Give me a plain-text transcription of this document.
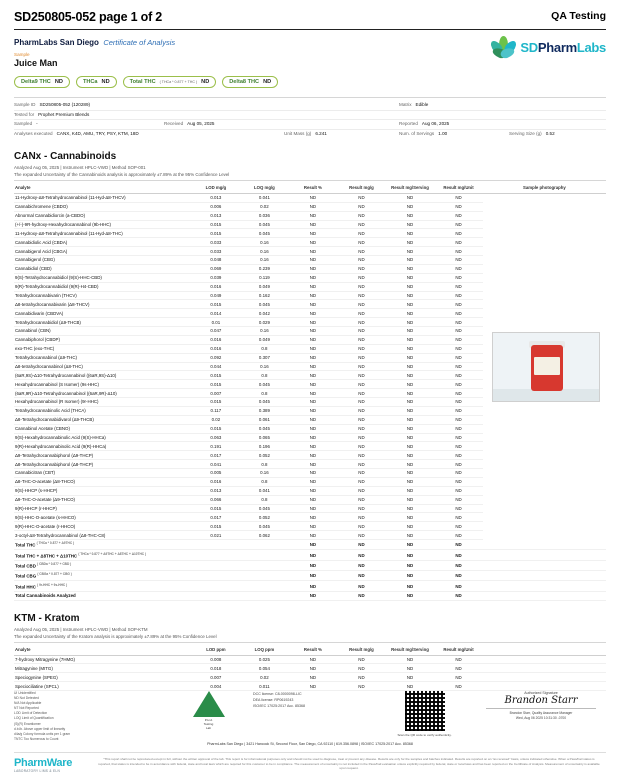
SD250805-052 page 1 of 2	QA Testing
PharmLabs San Diego Certificate of Analysis
Sample
Juice Man
SDPharmLabs
Delta9 THC ND	THCa ND	Total THC ( THCa * 0.877 + THC ) ND	Delta8 THC ND
Sample ID SD250805-052 (120289)	Matrix Edible
Tested for Prophet Premium Blends
Sampled -	Received Aug 05, 2025	Reported Aug 06, 2025
Analyses executed CANX, K4D, AMU, TRY, PSY, KTM, 18D	Unit Mass (g) 6.241	Num. of Servings 1.00	Serving Size (g) 0.52
CANx - Cannabinoids
Analyzed Aug 05, 2025 | Instrument HPLC-VWD | Method SOP-001
The expanded Uncertainty of the Cannabinoids analysis is approximately ±7.89% at the 95% Confidence Level
Analyte	LOD mg/g	LOQ mg/g	Result %	Result mg/g	Result mg/Serving	Result mg/Unit	Sample photography
11-Hydroxy-Δ8-Tetrahydrocannabinol (11-Hyd-Δ8-THCV)	0.013	0.041	ND	ND	ND	ND	

Cannabichromene (CBDO)	0.006	0.02	ND	ND	ND	ND	
Abnormal Cannabidiorcin (a-CBDO)	0.013	0.036	ND	ND	ND	ND	
(+/-)-9R-hydroxy-Hexahydrocannabinol (9b-HHC)	0.015	0.045	ND	ND	ND	ND	
11-Hydroxy-Δ8-Tetrahydrocannabinol (11-Hyd-Δ8-THC)	0.015	0.045	ND	ND	ND	ND	
Cannabidiolic Acid (CBDA)	0.033	0.16	ND	ND	ND	ND	
Cannabigerol Acid (CBGA)	0.033	0.16	ND	ND	ND	ND	
Cannabigerol (CBG)	0.048	0.16	ND	ND	ND	ND	
Cannabidiol (CBD)	0.069	0.239	ND	ND	ND	ND	
9(S)-Tetrahydrocannabidiol (9(S)-HHC-CBD)	0.039	0.119	ND	ND	ND	ND	
9(R)-Tetrahydrocannabidiol (9(R)-H4-CBD)	0.016	0.049	ND	ND	ND	ND	
Tetrahydrocannabivarin (THCV)	0.049	0.162	ND	ND	ND	ND	
Δ8-tetrahydrocannabivarin (Δ8-THCV)	0.015	0.045	ND	ND	ND	ND	
Cannabidivarin (CBDVA)	0.014	0.042	ND	ND	ND	ND	
Tetrahydrocannabidiol (Δ9-THCB)	0.01	0.029	ND	ND	ND	ND	
Cannabinol (CBN)	0.047	0.16	ND	ND	ND	ND	
Cannabiphorol (CBDP)	0.016	0.049	ND	ND	ND	ND	
exo-THC (exo-THC)	0.016	0.8	ND	ND	ND	ND	
Tetrahydrocannabinol (Δ9-THC)	0.092	0.307	ND	ND	ND	ND	
Δ8-tetrahydrocannabinol (Δ8-THC)	0.044	0.16	ND	ND	ND	ND	
(6aR,9S)-Δ10-Tetrahydrocannabinol ((6aR,9S)-Δ10)	0.015	0.8	ND	ND	ND	ND	
Hexahydrocannabinol (S Isomer) (9s-HHC)	0.015	0.045	ND	ND	ND	ND	
(6aR,9R)-Δ10-Tetrahydrocannabinol ((6aR,9R)-Δ10)	0.007	0.8	ND	ND	ND	ND	
Hexahydrocannabinol (R Isomer) (9r-HHC)	0.015	0.045	ND	ND	ND	ND	
Tetrahydrocannabinolic Acid (THCA)	0.117	0.389	ND	ND	ND	ND	
Δ8-Tetrahydrocannabidivarol (Δ9-THCB)	0.02	0.061	ND	ND	ND	ND	
Cannabinol Acetate (CBNO)	0.015	0.045	ND	ND	ND	ND	
9(S)-Hexahydrocannabinolic Acid (9(S)-HHCa)	0.063	0.065	ND	ND	ND	ND	
9(R)-Hexahydrocannabinolic Acid (9(R)-HHCa)	0.191	0.196	ND	ND	ND	ND	
Δ9-Tetrahydrocannabiphorol (Δ9-THCP)	0.017	0.052	ND	ND	ND	ND	
Δ8-Tetrahydrocannabiphorol (Δ8-THCP)	0.041	0.8	ND	ND	ND	ND	
Cannabicitran (CBT)	0.005	0.16	ND	ND	ND	ND	
Δ8-THC-O-acetate (Δ8-THCO)	0.016	0.8	ND	ND	ND	ND	
9(S)-HHCP (s-HHCP)	0.013	0.041	ND	ND	ND	ND	
Δ9-THC-O-acetate (Δ9-THCO)	0.066	0.8	ND	ND	ND	ND	
9(R)-HHCP (r-HHCP)	0.015	0.045	ND	ND	ND	ND	
9(S)-HHC-O-acetate (s-HHCO)	0.017	0.052	ND	ND	ND	ND	
9(R)-HHC-O-acetate (r-HHCO)	0.015	0.045	ND	ND	ND	ND	
3-octyl-Δ8-Tetrahydrocannabinol (Δ8-THC-C8)	0.021	0.062	ND	ND	ND	ND	
Total THC $^{( THCa * 0.877 + \Delta 9THC )}$			ND	ND	ND	ND	
Total THC + Δ8THC + Δ10THC $^{( THCa * 0.877 + \Delta 9THC + \Delta 8THC + \Delta 10THC )}$			ND	ND	ND	ND	
Total CBD $^{( CBDa * 0.877 + CBD )}$			ND	ND	ND	ND	
Total CBG $^{( CBGa * 0.877 + CBG )}$			ND	ND	ND	ND	
Total HHC $^{( 9r-HHC + 9s-HHC )}$			ND	ND	ND	ND	
Total Cannabinoids Analyzed			ND	ND	ND	ND	
KTM - Kratom
Analyzed Aug 05, 2025 | Instrument HPLC-VWD | Method SOP-KTM
The expanded Uncertainty of the Kratom analysis is approximately ±7.89% at the 95% Confidence Level
Analyte	LOD ppm	LOQ ppm	Result %	Result mg/g	Result mg/Serving	Result mg/Unit	
7-hydroxy Mitragynine (7HMG)	0.008	0.025	ND	ND	ND	ND	
Mitragynine (MITG)	0.018	0.054	ND	ND	ND	ND	
Speciogynine (SPEG)	0.007	0.02	ND	ND	ND	ND	
Speciociliatine (SPCL)	0.004	0.011	ND	ND	ND	ND	
UI Unidentified
ND Not Detected
N/A Not Applicable
NT Not Reported
LOD Limit of Detection
LOQ Limit of Quantification
(S)(R) Enantiomer
d.b.lb. Above upper limit of linearity
d4a/g Colony formula units per 1 gram
TNTC Too Numerous to Count
P.H.A
Testing
Lab
DCC license: C8-0000098-LIC
DEA license: RP0619243
ISO/IEC 17025:2017 Acc. 85368
Scan the QR code to verify authenticity.
Authorized Signature
Brandon Starr
Brandon Starr, Quality Assurance Manager
Wed, Aug 06 2025 10:31:30 -0700
PharmLabs San Diego | 3421 Hancock St, Second Floor, San Diego, CA 92110 | 619.356.0898 | ISO/IEC 17025:2017 Acc. 85368
PharmWare
LABORATORY LIMS & ELN
*This report shall not be reproduced except in full, without the written approval of the lab. This report is for informational purposes only and should not be used to diagnose, treat or prevent any disease. Results are only for the samples and batches indicated. Results are reported on an "as received" basis, unless indicated otherwise. When a Pass/Fail status is reported, that status is intended to be in accordance with federal, state and local laws which are required for this customer to be in compliance. The measurement of uncertainty is not included in the Pass/Fail evaluation unless explicitly required by federal, state or local laws and has been reported on the Certificate of Analysis. Measurement of uncertainty is available upon request.
